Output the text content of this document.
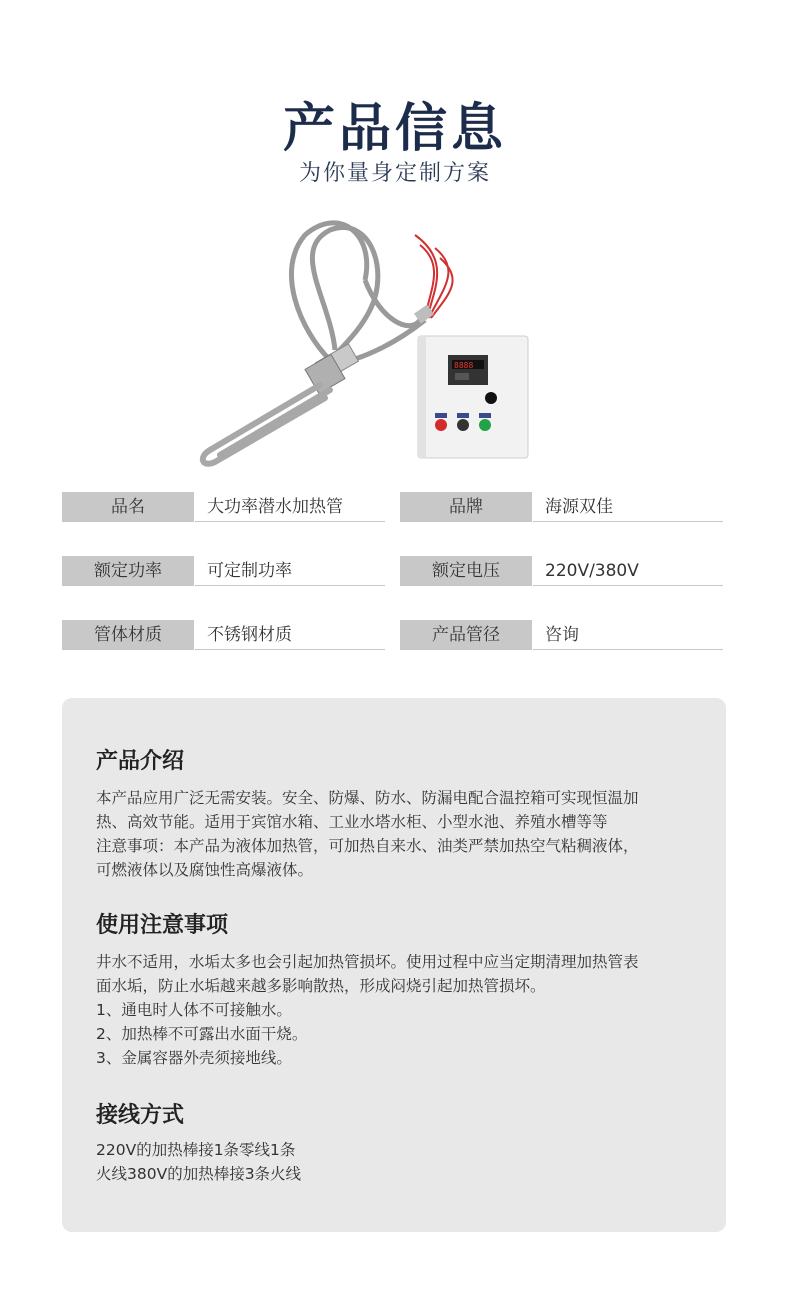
产品信息
为你量身定制方案
8888
品名	大功率潜水加热管	品牌	海源双佳
额定功率	可定制功率	额定电压	220V/380V
管体材质	不锈钢材质	产品管径	咨询
产品介绍

本产品应用广泛无需安装。安全、防爆、防水、防漏电配合温控箱可实现恒温加

热、高效节能。适用于宾馆水箱、工业水塔水柜、小型水池、养殖水槽等等

注意事项：本产品为液体加热管，可加热自来水、油类严禁加热空气粘稠液体，

可燃液体以及腐蚀性高爆液体。

使用注意事项

井水不适用，水垢太多也会引起加热管损坏。使用过程中应当定期清理加热管表

面水垢，防止水垢越来越多影响散热，形成闷烧引起加热管损坏。

1、通电时人体不可接触水。

2、加热棒不可露出水面干烧。

3、金属容器外壳须接地线。

接线方式

220V的加热棒接1条零线1条

火线380V的加热棒接3条火线
